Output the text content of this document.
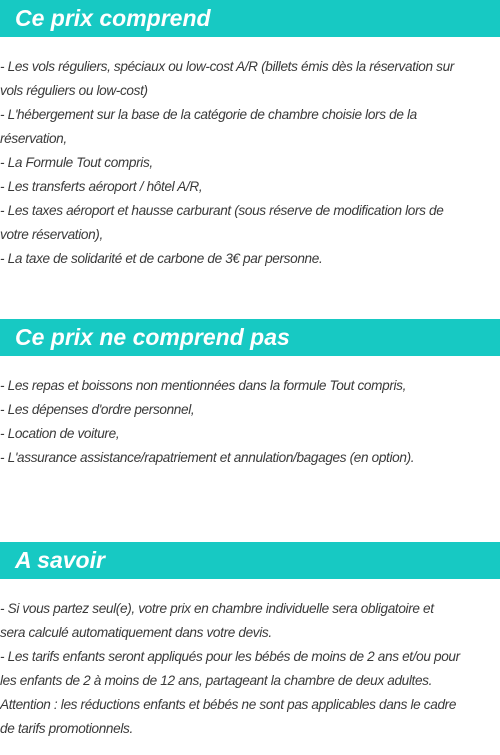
Ce prix comprend
- Les vols réguliers, spéciaux ou low-cost A/R (billets émis dès la réservation sur
vols réguliers ou low-cost)
- L'hébergement sur la base de la catégorie de chambre choisie lors de la
réservation,
- La Formule Tout compris,
- Les transferts aéroport / hôtel A/R,
- Les taxes aéroport et hausse carburant (sous réserve de modification lors de
votre réservation),
- La taxe de solidarité et de carbone de 3€ par personne.
Ce prix ne comprend pas
- Les repas et boissons non mentionnées dans la formule Tout compris,
- Les dépenses d'ordre personnel,
- Location de voiture,
- L'assurance assistance/rapatriement et annulation/bagages (en option).
A savoir
- Si vous partez seul(e), votre prix en chambre individuelle sera obligatoire et
sera calculé automatiquement dans votre devis.
- Les tarifs enfants seront appliqués pour les bébés de moins de 2 ans et/ou pour
les enfants de 2 à moins de 12 ans, partageant la chambre de deux adultes.
Attention : les réductions enfants et bébés ne sont pas applicables dans le cadre
de tarifs promotionnels.
